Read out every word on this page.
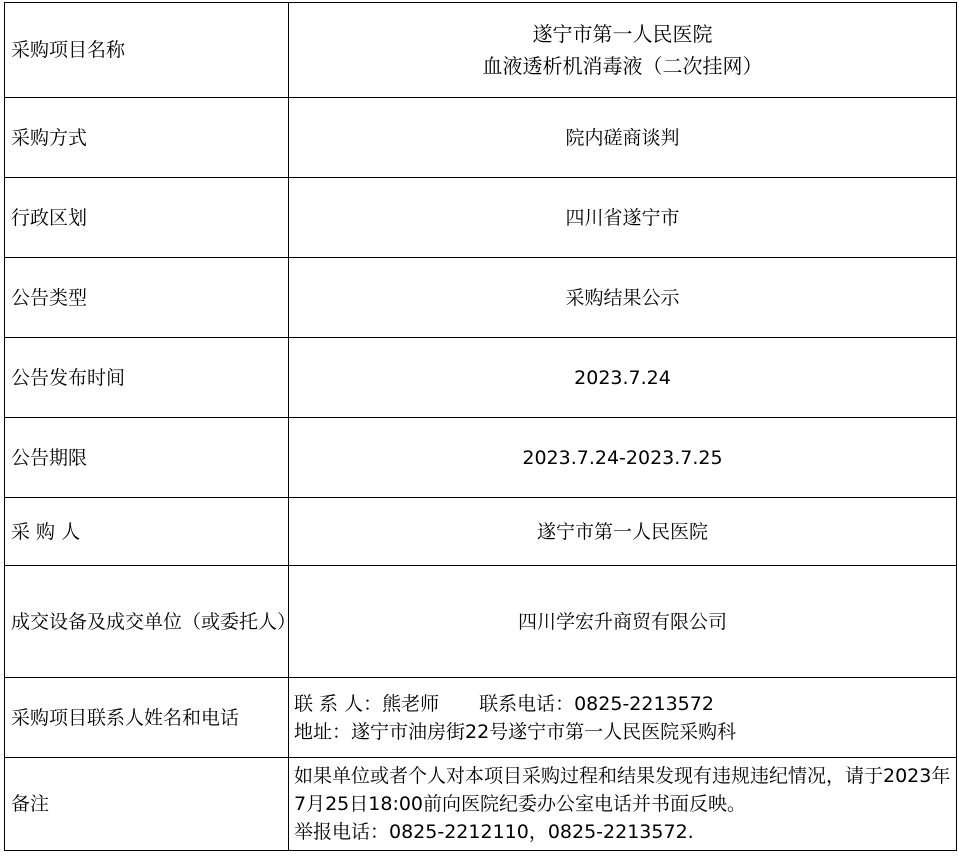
采购项目名称	遂宁市第一人民医院
血液透析机消毒液（二次挂网）

采购方式	院内磋商谈判
行政区划	四川省遂宁市
公告类型	采购结果公示
公告发布时间	2023.7.24
公告期限	2023.7.24-2023.7.25
采 购 人	遂宁市第一人民医院
成交设备及成交单位（或委托人）	四川学宏升商贸有限公司
采购项目联系人姓名和电话	联 系 人：熊老师 联系电话：0825-2213572
地址：遂宁市油房街22号遂宁市第一人民医院采购科

备注	如果单位或者个人对本项目采购过程和结果发现有违规违纪情况，请于2023年7月25日18:00前向医院纪委办公室电话并书面反映。
举报电话：0825-2212110，0825-2213572.
